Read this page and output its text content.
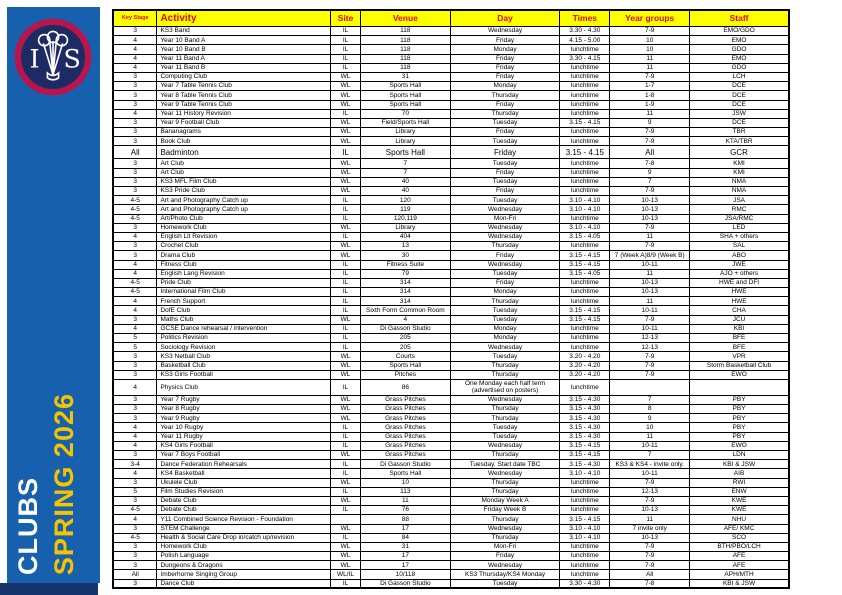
I S
CLUBS SPRING 2026
Key Stage	Activity	Site	Venue	Day	Times	Year groups	Staff
3	KS3 Band	IL	118	Wednesday	3.30 - 4.30	7-9	EMO/GDO
4	Year 10 Band A	IL	118	Friday	4.15 - 5.00	10	EMO
4	Year 10 Band B	IL	118	Monday	lunchtime	10	GDO
4	Year 11 Band A	IL	118	Friday	3.30 - 4.15	11	EMO
4	Year 11 Band B	IL	118	Friday	lunchtime	11	GDO
3	Computing Club	WL	31	Friday	lunchtime	7-9	LCH
3	Year 7 Table Tennis Club	WL	Sports Hall	Monday	lunchtime	1-7	DCE
3	Year 8 Table Tennis Club	WL	Sports Hall	Thursday	lunchtime	1-8	DCE
3	Year 9 Table Tennis Club	WL	Sports Hall	Friday	lunchtime	1-9	DCE
4	Year 11 History Revision	IL	70	Thursday	lunchtime	11	JSW
3	Year 9 Football Club	WL	Field/Sports Hall	Tuesday	3.15 - 4.15	9	DCE
3	Bananagrams	WL	Library	Friday	lunchtime	7-9	TBR
3	Book Club	WL	Library	Tuesday	lunchtime	7-9	KTA/TBR
All	Badminton	IL	Sports Hall	Friday	3.15 - 4.15	All	GCR
3	Art Club	WL	7	Tuesday	lunchtime	7-8	KMI
3	Art Club	WL	7	Friday	lunchtime	9	KMI
3	KS3 MFL Film Club	WL	40	Tuesday	lunchtime	7	NMA
3	KS3 Pride Club	WL	40	Friday	lunchtime	7-9	NMA
4-5	Art and Photography Catch up	IL	120	Tuesday	3.10 - 4.10	10-13	JSA
4-5	Art and Photography Catch up	IL	119	Wednesday	3.10 - 4.10	10-13	RMC
4-5	Art/Photo Club	IL	120,119	Mon-Fri	lunchtime	10-13	JSA/RMC
3	Homework Club	WL	Library	Wednesday	3.10 - 4.10	7-9	LED
4	English Lit Revision	IL	404	Wednesday	3.15 - 4.05	11	SHA + others
3	Crochet Club	WL	13	Thursday	lunchtime	7-9	SAL
3	Drama Club	WL	30	Friday	3.15 - 4.15	7 (Week A)8/9 (Week B)	ABO
4	Fitness Club	IL	Fitness Suite	Wednesday	3.15 - 4.15	10-11	JWE
4	English Lang Revision	IL	79	Tuesday	3.15 - 4.05	11	AJO + others
4-5	Pride Club	IL	314	Friday	lunchtime	10-13	HWE and DFI
4-5	International Film Club	IL	314	Monday	lunchtime	10-13	HWE
4	French Support	IL	314	Thursday	lunchtime	11	HWE
4	DofE Club	IL	Sixth Form Common Room	Tuesday	3.15 - 4.15	10-11	CHA
3	Maths Club	WL	4	Tuesday	3.15 - 4.15	7-9	JCU
4	GCSE Dance rehearsal / intervention	IL	Di Gasson Studio	Monday	lunchtime	10-11	KBI
5	Politics Revision	IL	205	Monday	lunchtime	12-13	BFE
5	Sociology Revision	IL	205	Wednesday	lunchtime	12-13	BFE
3	KS3 Netball Club	WL	Courts	Tuesday	3.20 - 4.20	7-9	VPR
3	Basketball Club	WL	Sports Hall	Thursday	3.20 - 4.20	7-9	Storm Basketball Club
3	KS3 Girls Football	WL	Pitches	Thursday	3.20 - 4.20	7-9	EWO
4	Physics Club	IL	86	One Monday each half term (advertised on posters)	lunchtime		
3	Year 7 Rugby	WL	Grass Pitches	Wednesday	3.15 - 4.30	7	PBY
3	Year 8 Rugby	WL	Grass Pitches	Thursday	3.15 - 4.30	8	PBY
3	Year 9 Rugby	WL	Grass Pitches	Thursday	3.15 - 4.30	9	PBY
4	Year 10 Rugby	IL	Grass Pitches	Tuesday	3.15 - 4.30	10	PBY
4	Year 11 Rugby	IL	Grass Pitches	Tuesday	3.15 - 4.30	11	PBY
4	KS4 Girls Football	IL	Grass Pitches	Wednesday	3.15 - 4.15	10-11	EWO
3	Year 7 Boys Football	WL	Grass Pitches	Thursday	3.15 - 4.15	7	LDN
3-4	Dance Federation Rehearsals	IL	Di Gasson Studio	Tuesday. Start date TBC	3.15 - 4.30	KS3 & KS4 - invite only.	KBI & JSW
4	KS4 Basketball	IL	Sports Hall	Wednesday	3.10 - 4.10	10-11	AIB
3	Ukulele Club	WL	10	Thursday	lunchtime	7-9	RWI
5	Film Studies Revision	IL	113	Thursday	lunchtime	12-13	ENW
3	Debate Club	WL	11	Monday Week A	lunchtime	7-9	KWE
4-5	Debate Club	IL	76	Friday Week B	lunchtime	10-13	KWE
4	Y11 Combined Science Revision - Foundation		88	Thursday	3.15 - 4.15	11	NHU
3	STEM Challenge	WL	17	Wednesday	3.10 - 4.10	7 invite only	AFE/ KMC
4-5	Health & Social Care Drop in/catch up/revision	IL	84	Thursday	3.10 - 4.10	10-13	SCO
3	Homework Club	WL	31	Mon-Fri	lunchtime	7-9	BTH/PBO/LCH
3	Polish Language	WL	17	Friday	lunchtime	7-9	AFE
3	Dungeons & Dragons	WL	17	Wednesday	lunchtime	7-9	AFE
All	Imberhorne Singing Group	WL/IL	10/118	KS3 Thursday/KS4 Monday	lunchtime	All	APH/MTH
3	Dance Club	IL	Di Gasson Studio	Tuesday	3.30 - 4.30	7-8	KBI & JSW
